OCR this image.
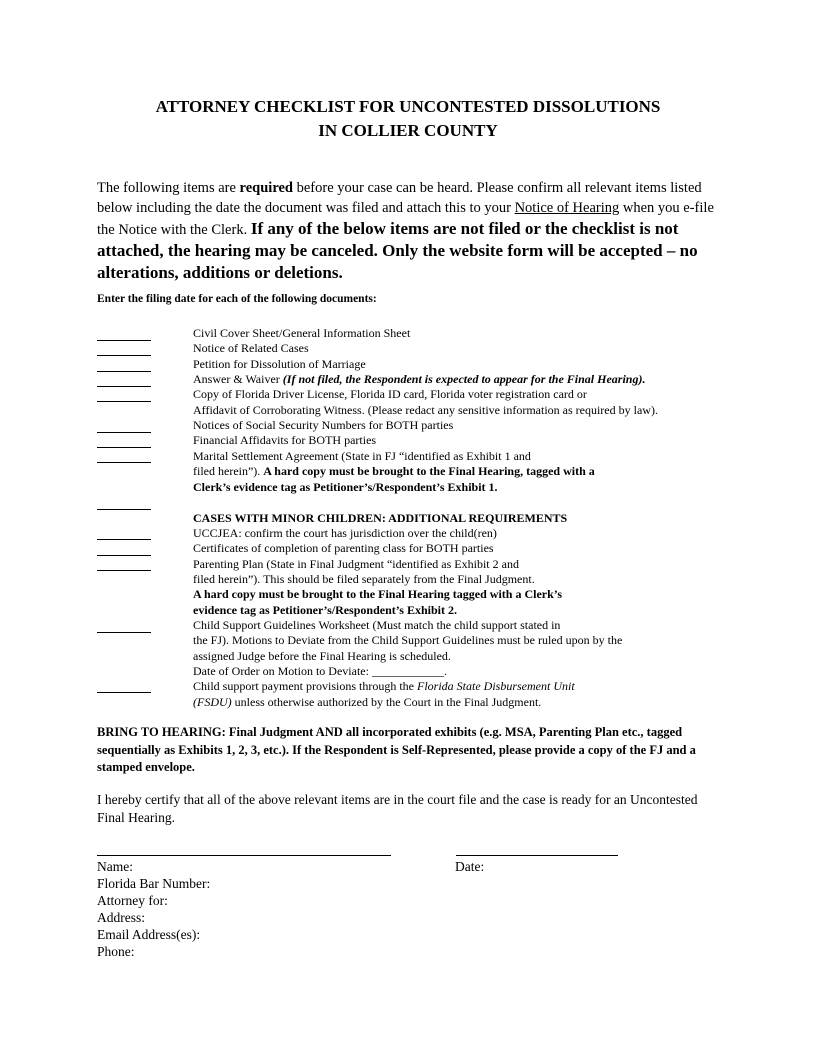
ATTORNEY CHECKLIST FOR UNCONTESTED DISSOLUTIONS
IN COLLIER COUNTY
The following items are required before your case can be heard. Please confirm all relevant items listed below including the date the document was filed and attach this to your Notice of Hearing when you e-file the Notice with the Clerk. If any of the below items are not filed or the checklist is not attached, the hearing may be canceled. Only the website form will be accepted – no alterations, additions or deletions.
Enter the filing date for each of the following documents:
Civil Cover Sheet/General Information Sheet
Notice of Related Cases
Petition for Dissolution of Marriage
Answer & Waiver (If not filed, the Respondent is expected to appear for the Final Hearing).
Copy of Florida Driver License, Florida ID card, Florida voter registration card or
Affidavit of Corroborating Witness. (Please redact any sensitive information as required by law).
Notices of Social Security Numbers for BOTH parties
Financial Affidavits for BOTH parties
Marital Settlement Agreement (State in FJ “identified as Exhibit 1 and
filed herein”). A hard copy must be brought to the Final Hearing, tagged with a
Clerk’s evidence tag as Petitioner’s/Respondent’s Exhibit 1.
CASES WITH MINOR CHILDREN: ADDITIONAL REQUIREMENTS
UCCJEA: confirm the court has jurisdiction over the child(ren)
Certificates of completion of parenting class for BOTH parties
Parenting Plan (State in Final Judgment “identified as Exhibit 2 and
filed herein”). This should be filed separately from the Final Judgment.
A hard copy must be brought to the Final Hearing tagged with a Clerk’s
evidence tag as Petitioner’s/Respondent’s Exhibit 2.
Child Support Guidelines Worksheet (Must match the child support stated in
the FJ). Motions to Deviate from the Child Support Guidelines must be ruled upon by the
assigned Judge before the Final Hearing is scheduled.
Date of Order on Motion to Deviate: ____________.
Child support payment provisions through the Florida State Disbursement Unit
(FSDU) unless otherwise authorized by the Court in the Final Judgment.
BRING TO HEARING: Final Judgment AND all incorporated exhibits (e.g. MSA, Parenting Plan etc., tagged sequentially as Exhibits 1, 2, 3, etc.). If the Respondent is Self-Represented, please provide a copy of the FJ and a stamped envelope.
I hereby certify that all of the above relevant items are in the court file and the case is ready for an Uncontested Final Hearing.
Name:	Date:
Florida Bar Number:
Attorney for:
Address:
Email Address(es):
Phone:
